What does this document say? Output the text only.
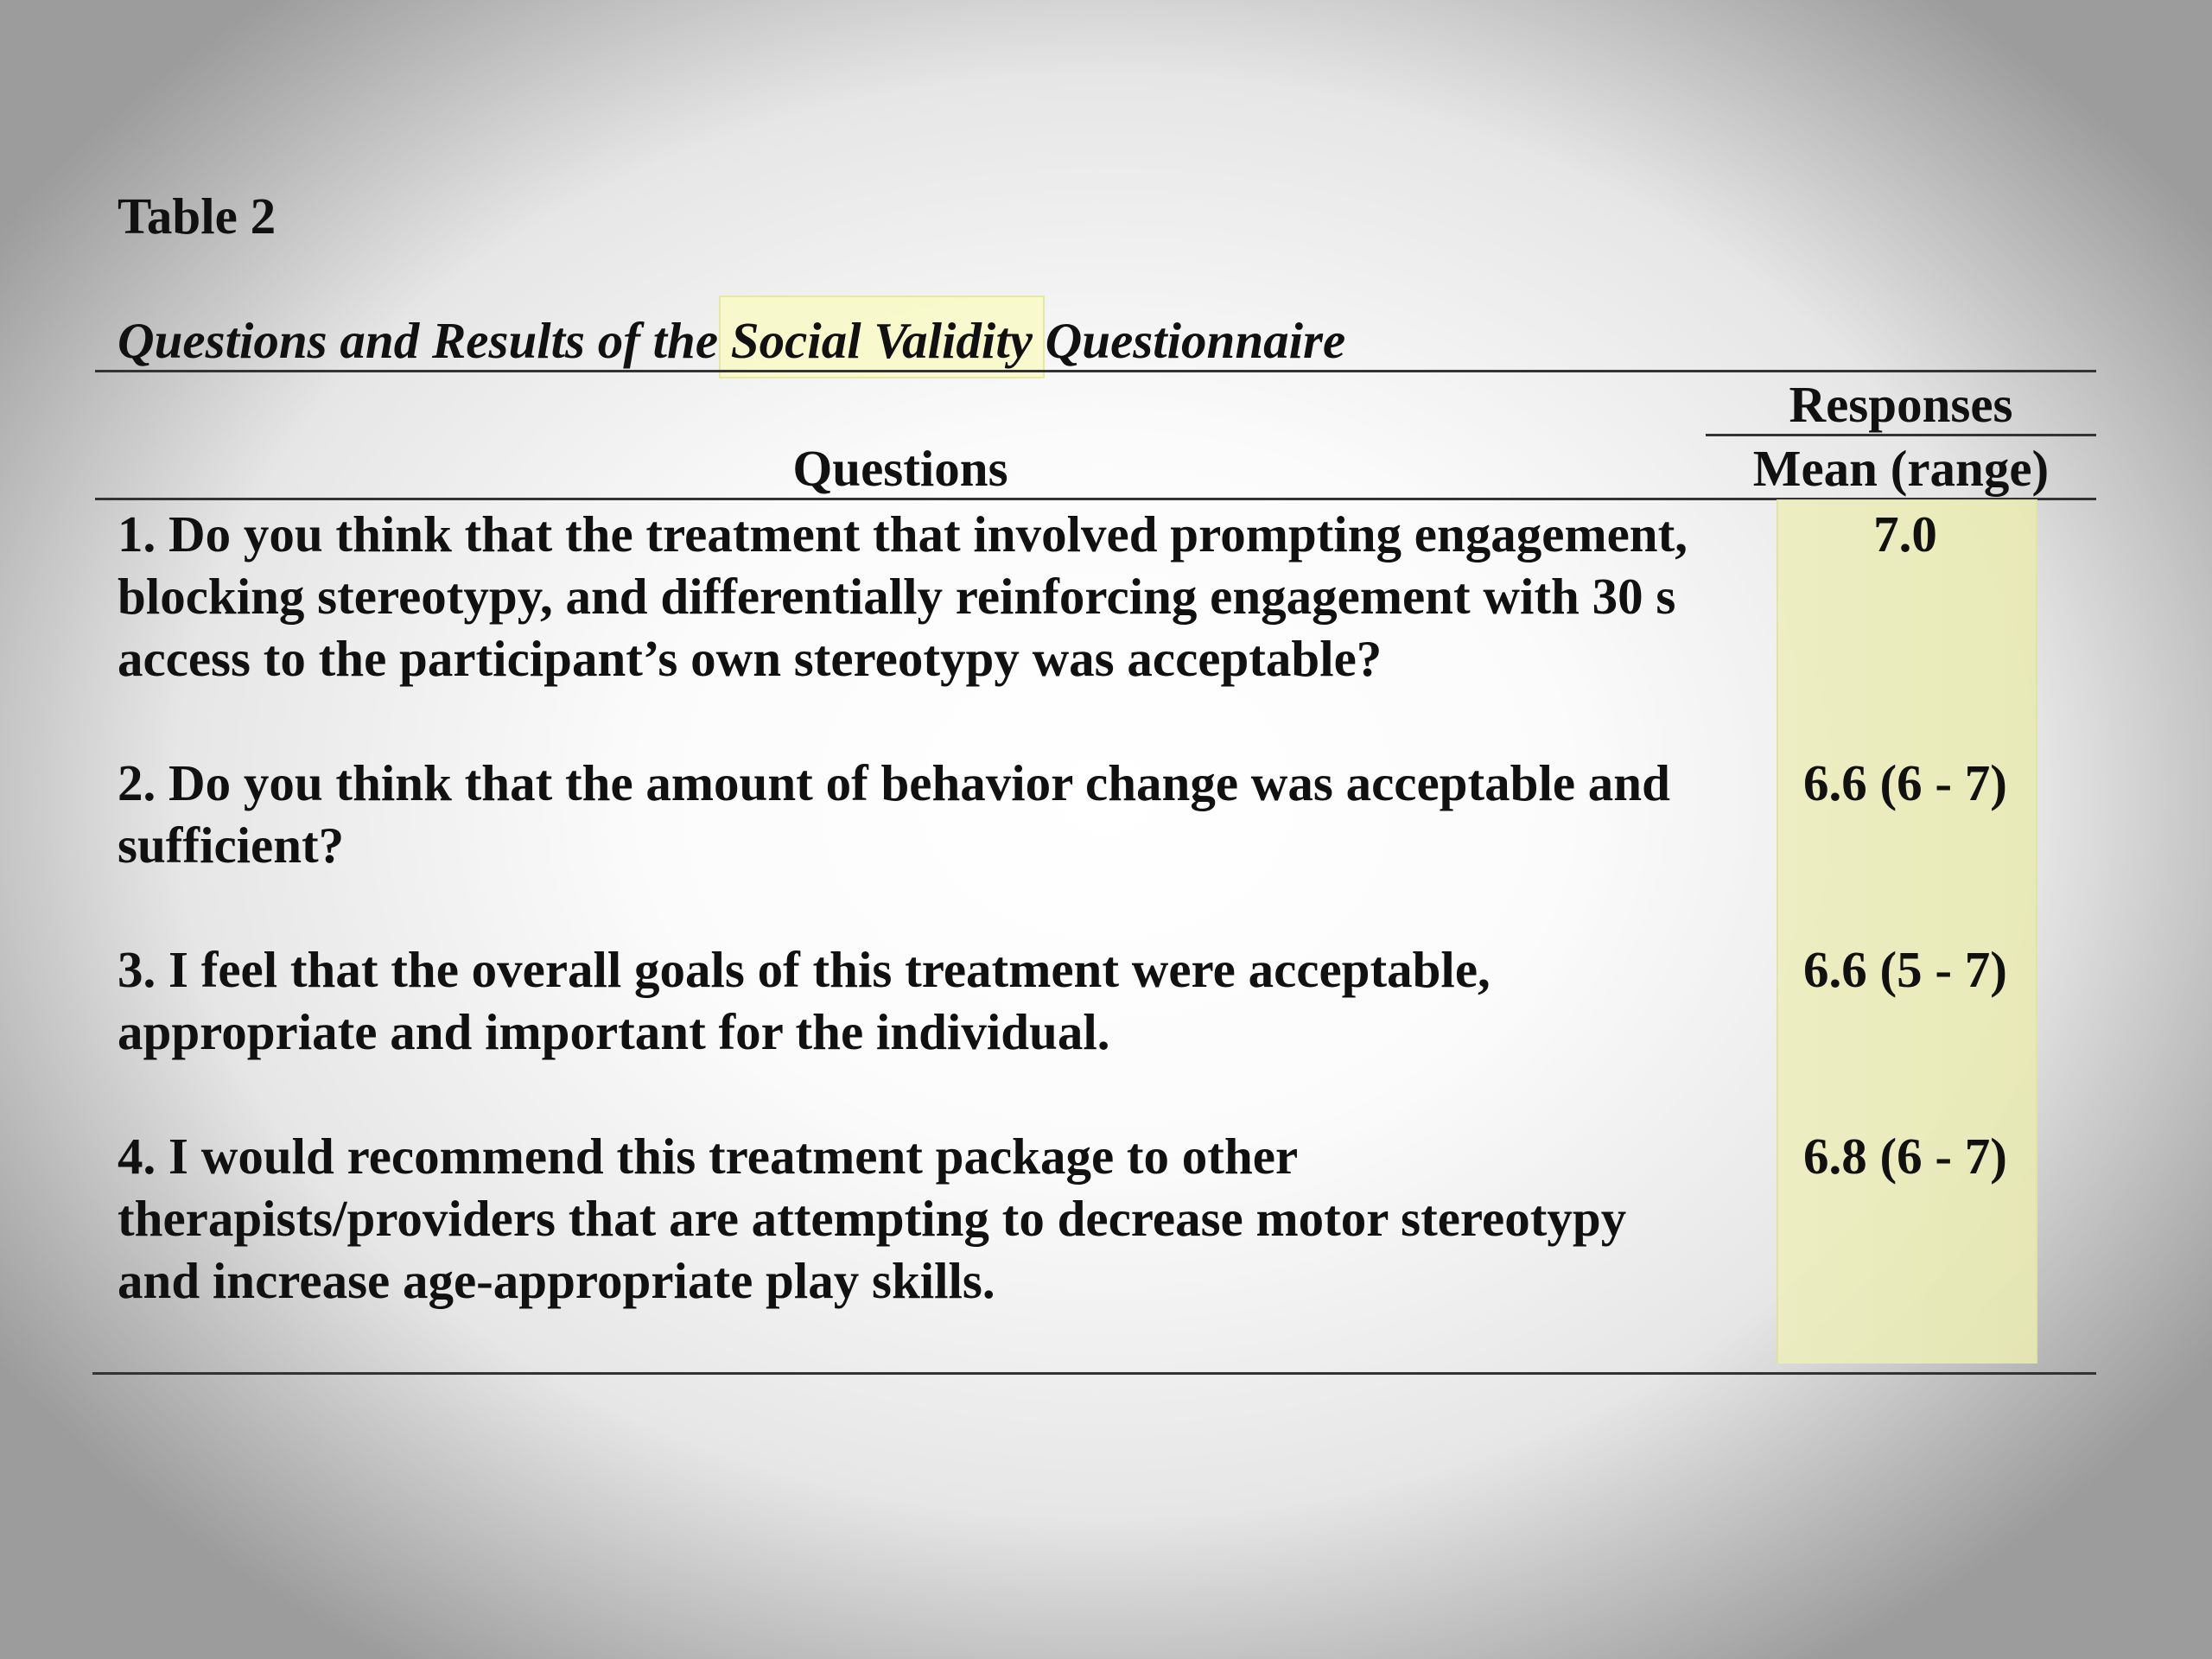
Table 2
Questions and Results of the Social Validity Questionnaire
Responses
Questions	Mean (range)
1. Do you think that the treatment that involved prompting engagement, blocking stereotypy, and differentially reinforcing engagement with 30 s access to the participant’s own stereotypy was acceptable?
7.0
2. Do you think that the amount of behavior change was acceptable and sufficient?
6.6 (6 - 7)
3. I feel that the overall goals of this treatment were acceptable, appropriate and important for the individual.
6.6 (5 - 7)
4. I would recommend this treatment package to other therapists/providers that are attempting to decrease motor stereotypy and increase age-appropriate play skills.
6.8 (6 - 7)
